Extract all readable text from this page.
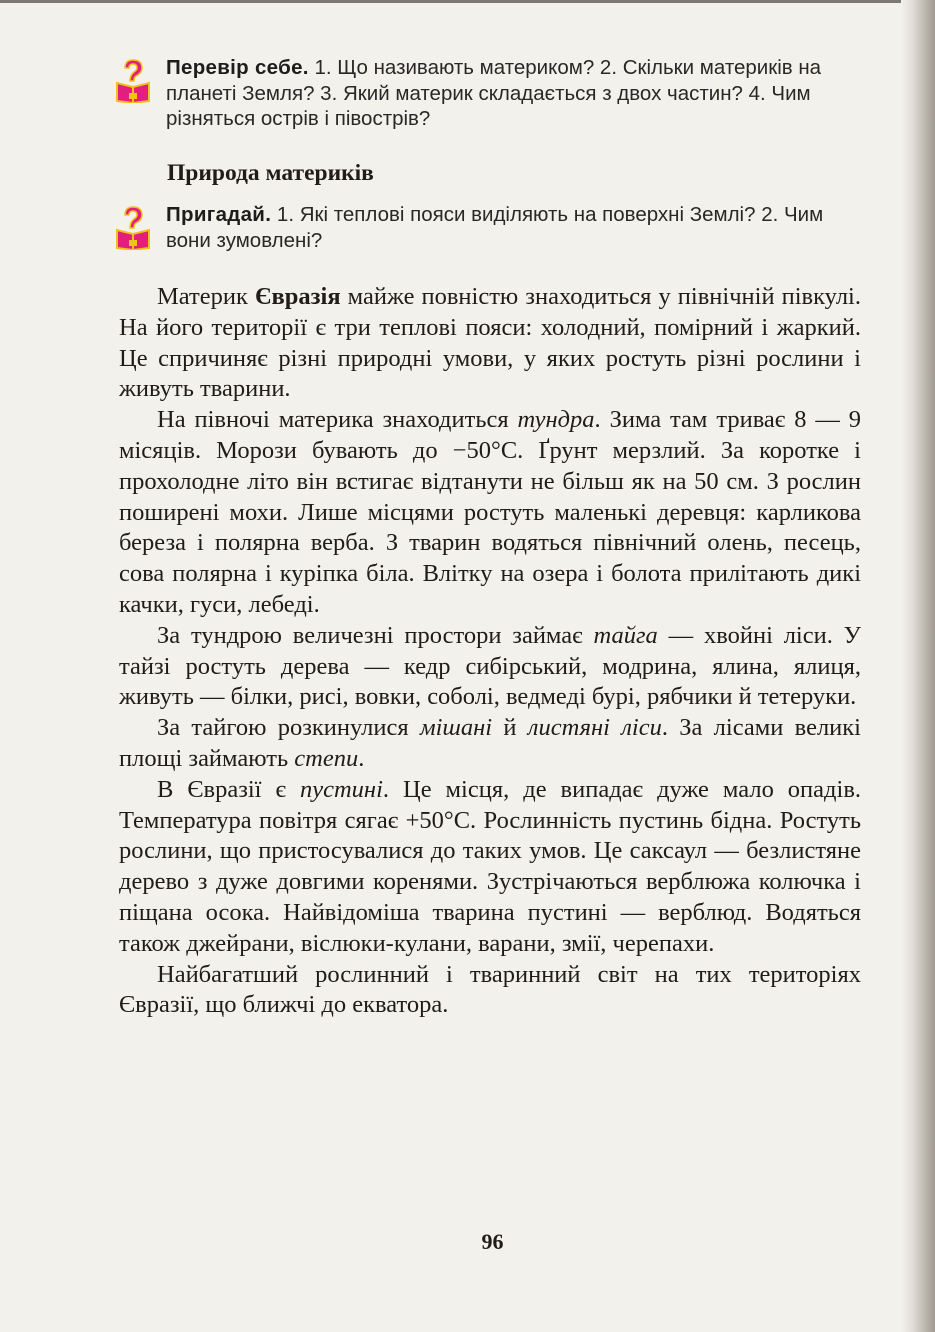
Перевір себе. 1. Що називають материком? 2. Скільки материків на планеті Земля? 3. Який материк складається з двох частин? 4. Чим різняться острів і півострів?
Природа материків
Пригадай. 1. Які теплові пояси виділяють на поверхні Землі? 2. Чим вони зумовлені?

Материк Євразія майже повністю знаходиться у північній півкулі. На його території є три теплові пояси: холодний, помірний і жаркий. Це спричиняє різні природні умови, у яких ростуть різні рослини і живуть тварини.

На півночі материка знаходиться тундра. Зима там триває 8 — 9 місяців. Морози бувають до −50°С. Ґрунт мерзлий. За коротке і прохолодне літо він встигає відтанути не більш як на 50 см. З рослин поширені мохи. Лише місцями ростуть маленькі деревця: карликова береза і полярна верба. З тварин водяться північний олень, песець, сова полярна і куріпка біла. Влітку на озера і болота прилітають дикі качки, гуси, лебеді.

За тундрою величезні простори займає тайга — хвойні ліси. У тайзі ростуть дерева — кедр сибірський, модрина, ялина, ялиця, живуть — білки, рисі, вовки, соболі, ведмеді бурі, рябчики й тетеруки.

За тайгою розкинулися мішані й листяні ліси. За лісами великі площі займають степи.

В Євразії є пустині. Це місця, де випадає дуже мало опадів. Температура повітря сягає +50°С. Рослинність пустинь бідна. Ростуть рослини, що пристосувалися до таких умов. Це саксаул — безлистяне дерево з дуже довгими коренями. Зустрічаються верблюжа колючка і піщана осока. Найвідоміша тварина пустині — верблюд. Водяться також джейрани, віслюки-кулани, варани, змії, черепахи.

Найбагатший рослинний і тваринний світ на тих територіях Євразії, що ближчі до екватора.

96
